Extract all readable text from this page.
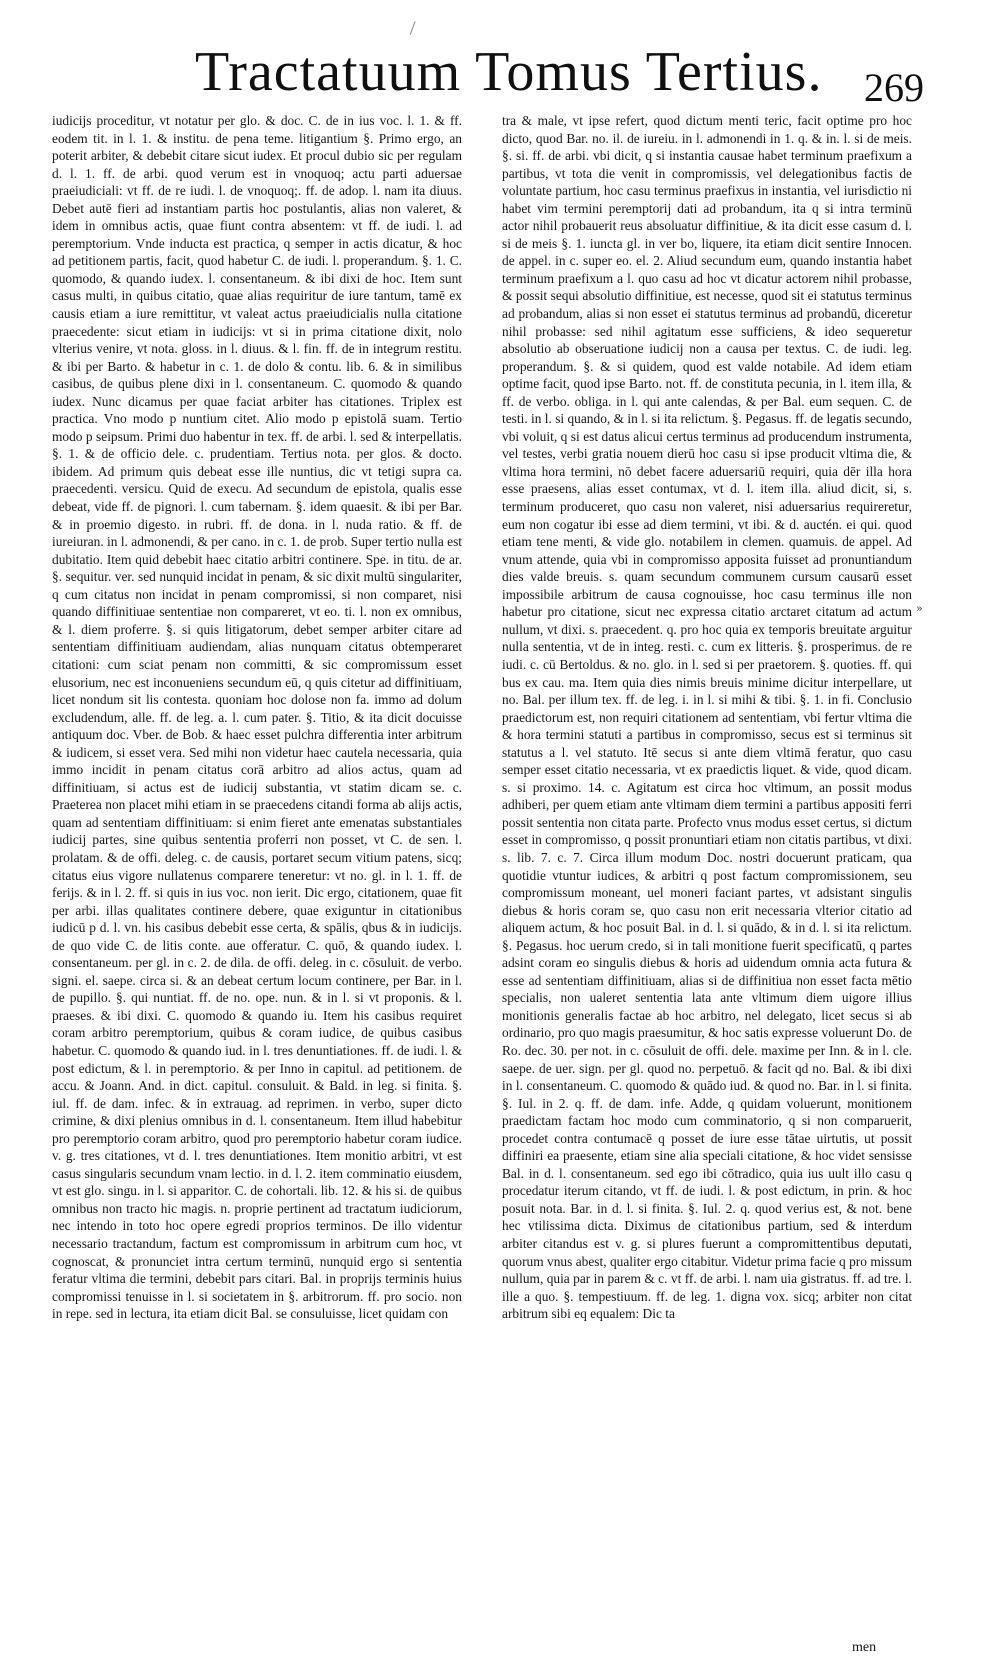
Tractatuum Tomus Tertius. 269

iudicijs proceditur, vt notatur per glo. & doc. C. de in ius voc. l. 1. & ff. eodem tit. in l. 1. & institu. de pena teme. litigantium §. Primo ergo, an poterit arbiter, & debebit citare sicut iudex. Et procul dubio sic per regulam d. l. 1. ff. de arbi. quod verum est in vnoquoq; actu parti aduersae praeiudiciali: vt ff. de re iudi. l. de vnoquoq;. ff. de adop. l. nam ita diuus. Debet autē fieri ad instantiam partis hoc postulantis, alias non valeret, & idem in omnibus actis, quae fiunt contra absentem: vt ff. de iudi. l. ad peremptorium. Vnde inducta est practica, q semper in actis dicatur, & hoc ad petitionem partis, facit, quod habetur C. de iudi. l. properandum. §. 1. C. quomodo, & quando iudex. l. consentaneum. & ibi dixi de hoc. Item sunt casus multi, in quibus citatio, quae alias requiritur de iure tantum, tamē ex causis etiam a iure remittitur, vt valeat actus praeiudicialis nulla citatione praecedente: sicut etiam in iudicijs: vt si in prima citatione dixit, nolo vlterius venire, vt nota. gloss. in l. diuus. & l. fin. ff. de in integrum restitu. & ibi per Barto. & habetur in c. 1. de dolo & contu. lib. 6. & in similibus casibus, de quibus plene dixi in l. consentaneum. C. quomodo & quando iudex. Nunc dicamus per quae faciat arbiter has citationes. Triplex est practica. Vno modo p nuntium citet. Alio modo p epistolā suam. Tertio modo p seipsum. Primi duo habentur in tex. ff. de arbi. l. sed & interpellatis. §. 1. & de officio dele. c. prudentiam. Tertius nota. per glos. & docto. ibidem. Ad primum quis debeat esse ille nuntius, dic vt tetigi supra ca. praecedenti. versicu. Quid de execu. Ad secundum de epistola, qualis esse debeat, vide ff. de pignori. l. cum tabernam. §. idem quaesit. & ibi per Bar. & in proemio digesto. in rubri. ff. de dona. in l. nuda ratio. & ff. de iureiuran. in l. admonendi, & per cano. in c. 1. de prob. Super tertio nulla est dubitatio. Item quid debebit haec citatio arbitri continere. Spe. in titu. de ar. §. sequitur. ver. sed nunquid incidat in penam, & sic dixit multū singulariter, q cum citatus non incidat in penam compromissi, si non comparet, nisi quando diffinitiuae sententiae non compareret, vt eo. ti. l. non ex omnibus, & l. diem proferre. §. si quis litigatorum, debet semper arbiter citare ad sententiam diffinitiuam audiendam, alias nunquam citatus obtemperaret citationi: cum sciat penam non committi, & sic compromissum esset elusorium, nec est inconueniens secundum eū, q quis citetur ad diffinitiuam, licet nondum sit lis contesta. quoniam hoc dolose non fa. immo ad dolum excludendum, alle. ff. de leg. a. l. cum pater. §. Titio, & ita dicit docuisse antiquum doc. Vber. de Bob. & haec esset pulchra differentia inter arbitrum & iudicem, si esset vera. Sed mihi non videtur haec cautela necessaria, quia immo incidit in penam citatus corā arbitro ad alios actus, quam ad diffinitiuam, si actus est de iudicij substantia, vt statim dicam se. c. Praeterea non placet mihi etiam in se praecedens citandi forma ab alijs actis, quam ad sententiam diffinitiuam: si enim fieret ante emenatas substantiales iudicij partes, sine quibus sententia proferri non posset, vt C. de sen. l. prolatam. & de offi. deleg. c. de causis, portaret secum vitium patens, sicq; citatus eius vigore nullatenus comparere teneretur: vt no. gl. in l. 1. ff. de ferijs. & in l. 2. ff. si quis in ius voc. non ierit. Dic ergo, citationem, quae fit per arbi. illas qualitates continere debere, quae exiguntur in citationibus iudicū p d. l. vn. his casibus debebit esse certa, & spālis, qbus & in iudicijs. de quo vide C. de litis conte. aue offeratur. C. quō, & quando iudex. l. consentaneum. per gl. in c. 2. de dila. de offi. deleg. in c. cōsuluit. de verbo. signi. el. saepe. circa si. & an debeat certum locum continere, per Bar. in l. de pupillo. §. qui nuntiat. ff. de no. ope. nun. & in l. si vt proponis. & l. praeses. & ibi dixi. C. quomodo & quando iu. Item his casibus requiret coram arbitro peremptorium, quibus & coram iudice, de quibus casibus habetur. C. quomodo & quando iud. in l. tres denuntiationes. ff. de iudi. l. & post edictum, & l. in peremptorio. & per Inno in capitul. ad petitionem. de accu. & Joann. And. in dict. capitul. consuluit. & Bald. in leg. si finita. §. iul. ff. de dam. infec. & in extrauag. ad reprimen. in verbo, super dicto crimine, & dixi plenius omnibus in d. l. consentaneum. Item illud habebitur pro peremptorio coram arbitro, quod pro peremptorio habetur coram iudice. v. g. tres citationes, vt d. l. tres denuntiationes. Item monitio arbitri, vt est casus singularis secundum vnam lectio. in d. l. 2. item comminatio eiusdem, vt est glo. singu. in l. si apparitor. C. de cohortali. lib. 12. & his si. de quibus omnibus non tracto hic magis. n. proprie pertinent ad tractatum iudiciorum, nec intendo in toto hoc opere egredi proprios terminos. De illo videntur necessario tractandum, factum est compromissum in arbitrum cum hoc, vt cognoscat, & pronunciet intra certum terminū, nunquid ergo si sententia feratur vltima die termini, debebit pars citari. Bal. in proprijs terminis huius compromissi tenuisse in l. si societatem in §. arbitrorum. ff. pro socio. non in repe. sed in lectura, ita etiam dicit Bal. se consuluisse, licet quidam con

tra & male, vt ipse refert, quod dictum menti teric, facit optime pro hoc dicto, quod Bar. no. il. de iureiu. in l. admonendi in 1. q. & in. l. si de meis. §. si. ff. de arbi. vbi dicit, q si instantia causae habet terminum praefixum a partibus, vt tota die venit in compromissis, vel delegationibus factis de voluntate partium, hoc casu terminus praefixus in instantia, vel iurisdictio ni habet vim termini peremptorij dati ad probandum, ita q si intra terminū actor nihil probauerit reus absoluatur diffinitiue, & ita dicit esse casum d. l. si de meis §. 1. iuncta gl. in ver bo, liquere, ita etiam dicit sentire Innocen. de appel. in c. super eo. el. 2. Aliud secundum eum, quando instantia habet terminum praefixum a l. quo casu ad hoc vt dicatur actorem nihil probasse, & possit sequi absolutio diffinitiue, est necesse, quod sit ei statutus terminus ad probandum, alias si non esset ei statutus terminus ad probandū, diceretur nihil probasse: sed nihil agitatum esse sufficiens, & ideo sequeretur absolutio ab obseruatione iudicij non a causa per textus. C. de iudi. leg. properandum. §. & si quidem, quod est valde notabile. Ad idem etiam optime facit, quod ipse Barto. not. ff. de constituta pecunia, in l. item illa, & ff. de verbo. obliga. in l. qui ante calendas, & per Bal. eum sequen. C. de testi. in l. si quando, & in l. si ita relictum. §. Pegasus. ff. de legatis secundo, vbi voluit, q si est datus alicui certus terminus ad producendum instrumenta, vel testes, verbi gratia nouem dierū hoc casu si ipse producit vltima die, & vltima hora termini, nō debet facere aduersariū requiri, quia dēr illa hora esse praesens, alias esset contumax, vt d. l. item illa. aliud dicit, si, s. terminum produceret, quo casu non valeret, nisi aduersarius requireretur, eum non cogatur ibi esse ad diem termini, vt ibi. & d. auctén. ei qui. quod etiam tene menti, & vide glo. notabilem in clemen. quamuis. de appel. Ad vnum attende, quia vbi in compromisso apposita fuisset ad pronuntiandum dies valde breuis. s. quam secundum communem cursum causarū esset impossibile arbitrum de causa cognouisse, hoc casu terminus ille non habetur pro citatione, sicut nec expressa citatio arctaret citatum ad actum nullum, vt dixi. s. praecedent. q. pro hoc quia ex temporis breuitate arguitur nulla sententia, vt de in integ. resti. c. cum ex litteris. §. prosperimus. de re iudi. c. cū Bertoldus. & no. glo. in l. sed si per praetorem. §. quoties. ff. qui bus ex cau. ma. Item quia dies nimis breuis minime dicitur interpellare, ut no. Bal. per illum tex. ff. de leg. i. in l. si mihi & tibi. §. 1. in fi. Conclusio praedictorum est, non requiri citationem ad sententiam, vbi fertur vltima die & hora termini statuti a partibus in compromisso, secus est si terminus sit statutus a l. vel statuto. Itē secus si ante diem vltimā feratur, quo casu semper esset citatio necessaria, vt ex praedictis liquet. & vide, quod dicam. s. si proximo. 14. c. Agitatum est circa hoc vltimum, an possit modus adhiberi, per quem etiam ante vltimam diem termini a partibus appositi ferri possit sententia non citata parte. Profecto vnus modus esset certus, si dictum esset in compromisso, q possit pronuntiari etiam non citatis partibus, vt dixi. s. lib. 7. c. 7. Circa illum modum Doc. nostri docuerunt praticam, qua quotidie vtuntur iudices, & arbitri q post factum compromissionem, seu compromissum moneant, uel moneri faciant partes, vt adsistant singulis diebus & horis coram se, quo casu non erit necessaria vlterior citatio ad aliquem actum, & hoc posuit Bal. in d. l. si quādo, & in d. l. si ita relictum. §. Pegasus. hoc uerum credo, si in tali monitione fuerit specificatū, q partes adsint coram eo singulis diebus & horis ad uidendum omnia acta futura & esse ad sententiam diffinitiuam, alias si de diffinitiua non esset facta mētio specialis, non ualeret sententia lata ante vltimum diem uigore illius monitionis generalis factae ab hoc arbitro, nel delegato, licet secus si ab ordinario, pro quo magis praesumitur, & hoc satis expresse voluerunt Do. de Ro. dec. 30. per not. in c. cōsuluit de offi. dele. maxime per Inn. & in l. cle. saepe. de uer. sign. per gl. quod no. perpetuō. & facit qd no. Bal. & ibi dixi in l. consentaneum. C. quomodo & quādo iud. & quod no. Bar. in l. si finita. §. Iul. in 2. q. ff. de dam. infe. Adde, q quidam voluerunt, monitionem praedictam factam hoc modo cum comminatorio, q si non comparuerit, procedet contra contumacē q posset de iure esse tātae uirtutis, ut possit diffiniri ea praesente, etiam sine alia speciali citatione, & hoc videt sensisse Bal. in d. l. consentaneum. sed ego ibi cōtradico, quia ius uult illo casu q procedatur iterum citando, vt ff. de iudi. l. & post edictum, in prin. & hoc posuit nota. Bar. in d. l. si finita. §. Iul. 2. q. quod verius est, & not. bene hec vtilissima dicta. Diximus de citationibus partium, sed & interdum arbiter citandus est v. g. si plures fuerunt a compromittentibus deputati, quorum vnus abest, qualiter ergo citabitur. Videtur prima facie q pro missum nullum, quia par in parem & c. vt ff. de arbi. l. nam uia gistratus. ff. ad tre. l. ille a quo. §. tempestiuum. ff. de leg. 1. digna vox. sicq; arbiter non citat arbitrum sibi eq equalem: Dic ta

»
men
